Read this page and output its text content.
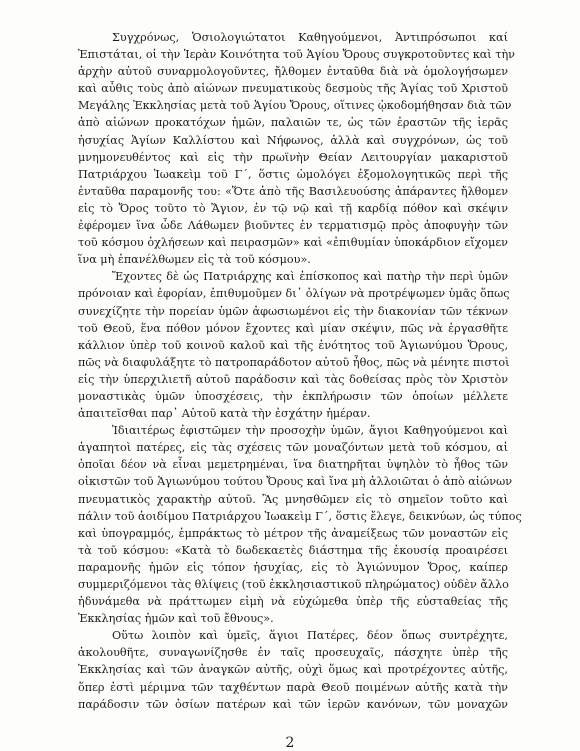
Συγχρόνως, Ὁσιολογιώτατοι Καθηγούμενοι, Ἀντιπρόσωποι καί
Ἐπιστάται, οἱ τὴν Ἱερὰν Κοινότητα τοῦ Ἁγίου Ὄρους συγκροτοῦντες καὶ τὴν
ἀρχὴν αὐτοῦ συναρμολογοῦντες, ἤλθομεν ἐνταῦθα διὰ νὰ ὁμολογήσωμεν
καὶ αὖθις τοὺς ἀπὸ αἰώνων πνευματικοὺς δεσμοὺς τῆς Ἁγίας τοῦ Χριστοῦ
Μεγάλης Ἐκκλησίας μετὰ τοῦ Ἁγίου Ὄρους, οἵτινες ᾠκοδομήθησαν διὰ τῶν
ἀπὸ αἰώνων προκατόχων ἡμῶν, παλαιῶν τε, ὡς τῶν ἐραστῶν τῆς ἱερᾶς
ἡσυχίας Ἁγίων Καλλίστου καὶ Νήφωνος, ἀλλὰ καὶ συγχρόνων, ὡς τοῦ
μνημονευθέντος καὶ εἰς τὴν πρωϊνὴν Θείαν Λειτουργίαν μακαριστοῦ
Πατριάρχου Ἰωακεὶμ τοῦ Γ΄, ὅστις ὡμολόγει ἐξομολογητικῶς περὶ τῆς
ἐνταῦθα παραμονῆς του: «Ὅτε ἀπὸ τῆς Βασιλευούσης ἀπάραντες ἤλθομεν
εἰς τὸ Ὄρος τοῦτο τὸ Ἅγιον, ἐν τῷ νῷ καὶ τῇ καρδίᾳ πόθον καὶ σκέψιν
ἐφέρομεν ἵνα ὧδε Λάθωμεν βιοῦντες ἐν τερματισμῷ πρὸς ἀποφυγὴν τῶν
τοῦ κόσμου ὀχλήσεων καὶ πειρασμῶν» καὶ «ἐπιθυμίαν ὑποκάρδιον εἴχομεν
ἵνα μὴ ἐπανέλθωμεν εἰς τὰ τοῦ κόσμου».
Ἔχοντες δὲ ὡς Πατριάρχης καὶ ἐπίσκοπος καὶ πατὴρ τὴν περὶ ὑμῶν
πρόνοιαν καὶ ἐφορίαν, ἐπιθυμοῦμεν δι᾽ ὀλίγων νὰ προτρέψωμεν ὑμᾶς ὅπως
συνεχίζητε τὴν πορείαν ὑμῶν ἀφωσιωμένοι εἰς τὴν διακονίαν τῶν τέκνων
τοῦ Θεοῦ, ἕνα πόθον μόνον ἔχοντες καὶ μίαν σκέψιν, πῶς νὰ ἐργασθῆτε
κάλλιον ὑπὲρ τοῦ κοινοῦ καλοῦ καὶ τῆς ἑνότητος τοῦ Ἁγιωνύμου Ὄρους,
πῶς νὰ διαφυλάξητε τὸ πατροπαράδοτον αὐτοῦ ἦθος, πῶς νὰ μένητε πιστοὶ
εἰς τὴν ὑπερχιλιετῆ αὐτοῦ παράδοσιν καὶ τὰς δοθείσας πρὸς τὸν Χριστὸν
μοναστικὰς ὑμῶν ὑποσχέσεις, τὴν ἐκπλήρωσιν τῶν ὁποίων μέλλετε
ἀπαιτεῖσθαι παρ᾽ Αὐτοῦ κατὰ τὴν ἐσχάτην ἡμέραν.
Ἰδιαιτέρως ἐφιστῶμεν τὴν προσοχὴν ὑμῶν, ἅγιοι Καθηγούμενοι καὶ
ἀγαπητοὶ πατέρες, εἰς τὰς σχέσεις τῶν μοναζόντων μετὰ τοῦ κόσμου, αἱ
ὁποῖαι δέον νὰ εἶναι μεμετρημέναι, ἵνα διατηρῆται ὑψηλὸν τὸ ἦθος τῶν
οἰκιστῶν τοῦ Ἁγιωνύμου τούτου Ὄρους καὶ ἵνα μὴ ἀλλοιῶται ὁ ἀπὸ αἰώνων
πνευματικὸς χαρακτὴρ αὐτοῦ. Ἂς μνησθῶμεν εἰς τὸ σημεῖον τοῦτο καὶ
πάλιν τοῦ ἀοιδίμου Πατριάρχου Ἰωακεὶμ Γ΄, ὅστις ἔλεγε, δεικνύων, ὡς τύπος
καὶ ὑπογραμμός, ἐμπράκτως τὸ μέτρον τῆς ἀναμείξεως τῶν μοναστῶν εἰς
τὰ τοῦ κόσμου: «Κατὰ τὸ δωδεκαετὲς διάστημα τῆς ἑκουσίᾳ προαιρέσει
παραμονῆς ἡμῶν εἰς τόπον ἡσυχίας, εἰς τὸ Ἁγιώνυμον Ὄρος, καίπερ
συμμεριζόμενοι τὰς θλίψεις (τοῦ ἐκκλησιαστικοῦ πληρώματος) οὐδὲν ἄλλο
ἠδυνάμεθα νὰ πράττωμεν εἰμὴ νὰ εὐχώμεθα ὑπὲρ τῆς εὐσταθείας τῆς
Ἐκκλησίας ἡμῶν καὶ τοῦ ἔθνους».
Οὕτω λοιπὸν καὶ ὑμεῖς, ἅγιοι Πατέρες, δέον ὅπως συντρέχητε,
ἀκολουθῆτε, συναγωνίζησθε ἐν ταῖς προσευχαῖς, πάσχητε ὑπὲρ τῆς
Ἐκκλησίας καὶ τῶν ἀναγκῶν αὐτῆς, οὐχὶ ὅμως καὶ προτρέχοντες αὐτῆς,
ὅπερ ἐστὶ μέριμνα τῶν ταχθέντων παρὰ Θεοῦ ποιμένων αὐτῆς κατὰ τὴν
παράδοσιν τῶν ὁσίων πατέρων καὶ τῶν ἱερῶν κανόνων, τῶν μοναχῶν
2
